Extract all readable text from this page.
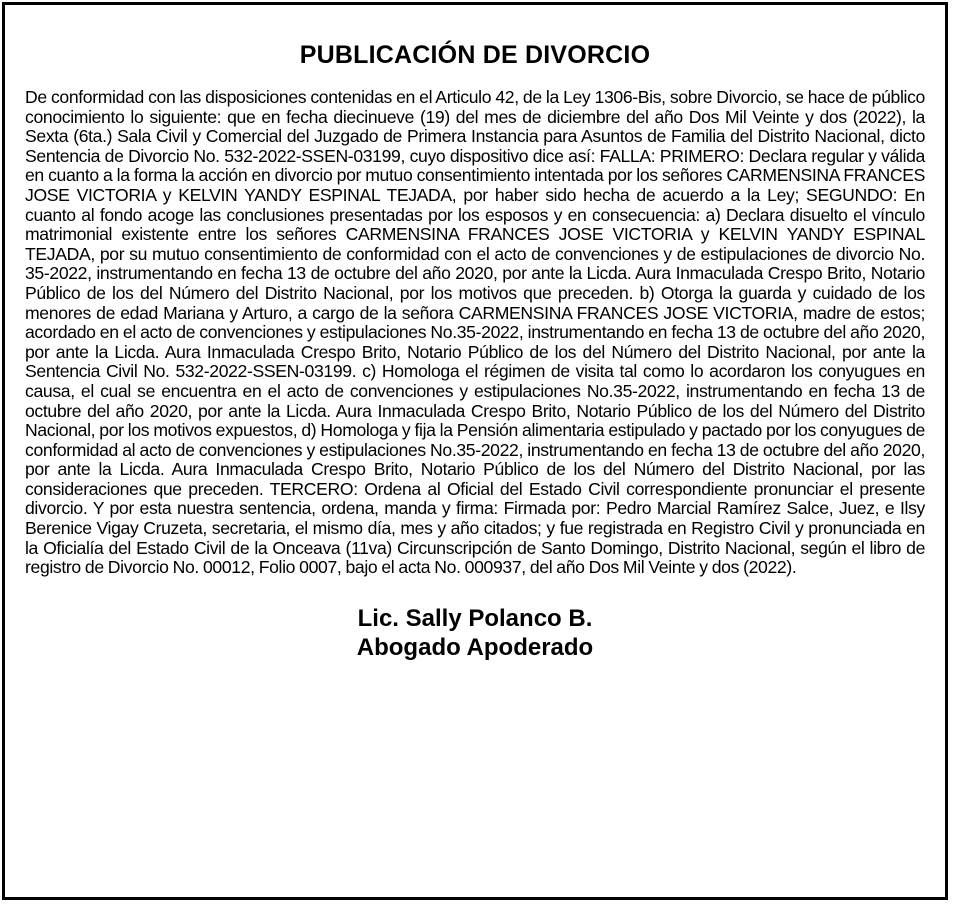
PUBLICACIÓN DE DIVORCIO

De conformidad con las disposiciones contenidas en el Articulo 42, de la Ley 1306-Bis, sobre Divorcio, se hace de público conocimiento lo siguiente: que en fecha diecinueve (19) del mes de diciembre del año Dos Mil Veinte y dos (2022), la Sexta (6ta.) Sala Civil y Comercial del Juzgado de Primera Instancia para Asuntos de Familia del Distrito Nacional, dicto Sentencia de Divorcio No. 532-2022-SSEN-03199, cuyo dispositivo dice así: FALLA: PRIMERO: Declara regular y válida en cuanto a la forma la acción en divorcio por mutuo consentimiento intentada por los señores CARMENSINA FRANCES JOSE VICTORIA y KELVIN YANDY ESPINAL TEJADA, por haber sido hecha de acuerdo a la Ley; SEGUNDO: En cuanto al fondo acoge las conclusiones presentadas por los esposos y en consecuencia: a) Declara disuelto el vínculo matrimonial existente entre los señores CARMENSINA FRANCES JOSE VICTORIA y KELVIN YANDY ESPINAL TEJADA, por su mutuo consentimiento de conformidad con el acto de convenciones y de estipulaciones de divorcio No. 35-2022, instrumentando en fecha 13 de octubre del año 2020, por ante la Licda. Aura Inmaculada Crespo Brito, Notario Público de los del Número del Distrito Nacional, por los motivos que preceden. b) Otorga la guarda y cuidado de los menores de edad Mariana y Arturo, a cargo de la señora CARMENSINA FRANCES JOSE VICTORIA, madre de estos; acordado en el acto de convenciones y estipulaciones No.35-2022, instrumentando en fecha 13 de octubre del año 2020, por ante la Licda. Aura Inmaculada Crespo Brito, Notario Público de los del Número del Distrito Nacional, por ante la Sentencia Civil No. 532-2022-SSEN-03199. c) Homologa el régimen de visita tal como lo acordaron los conyugues en causa, el cual se encuentra en el acto de convenciones y estipulaciones No.35-2022, instrumentando en fecha 13 de octubre del año 2020, por ante la Licda. Aura Inmaculada Crespo Brito, Notario Público de los del Número del Distrito Nacional, por los motivos expuestos, d) Homologa y fija la Pensión alimentaria estipulado y pactado por los conyugues de conformidad al acto de convenciones y estipulaciones No.35-2022, instrumentando en fecha 13 de octubre del año 2020, por ante la Licda. Aura Inmaculada Crespo Brito, Notario Público de los del Número del Distrito Nacional, por las consideraciones que preceden. TERCERO: Ordena al Oficial del Estado Civil correspondiente pronunciar el presente divorcio. Y por esta nuestra sentencia, ordena, manda y firma: Firmada por: Pedro Marcial Ramírez Salce, Juez, e Ilsy Berenice Vigay Cruzeta, secretaria, el mismo día, mes y año citados; y fue registrada en Registro Civil y pronunciada en la Oficialía del Estado Civil de la Onceava (11va) Circunscripción de Santo Domingo, Distrito Nacional, según el libro de registro de Divorcio No. 00012, Folio 0007, bajo el acta No. 000937, del año Dos Mil Veinte y dos (2022).

Lic. Sally Polanco B.
Abogado Apoderado
